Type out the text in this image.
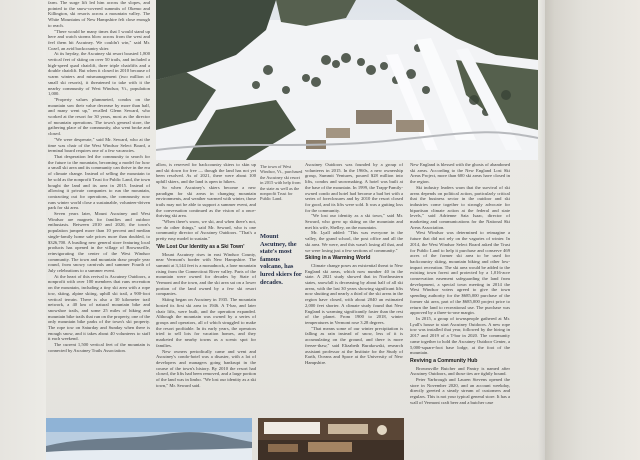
farm. The surge lift led him across the slopes, and pointed to the snow-covered summits of Okemo and Killington, ski resorts across a mountain valley. The White Mountains of New Hampshire felt close enough to reach.

"There would be many times that I would stand up here and watch storms blow across from the west and feel them hit Ascutney. We couldn't win," said Mr. Cozel, an avid backcountry skier.

At its heyday, the Ascutney ski resort boasted 1,800 vertical feet of skiing on over 50 trails, and included a high-speed quad chairlift, three triple chairlifts and a double chairlift. But when it closed in 2010 because of warm winters and mismanagement (two million of small ski resorts), it threatened to take with it the nearby community of West Windsor, Vt., population 1,000.

"Property values plummeted, condos on the mountain saw their value decrease by more than half, and many went up," recalled Glenn Seward, who worked at the resort for 30 years, most as the director of mountain operations. The town's general store, the gathering place of the community, also went broke and closed.

"We were desperate," said Mr. Seward, who at the time was chair of the West Windsor Select Board, a terminal board requires one of a few vacancies.

That desperation led the community to search for the future to the mountain, becoming a model for how a small ski area and its community can thrive in the era of climate change. Instead of selling the mountain to be sold as the nonprofit Trust for Public Land, the town bought the land and its area in 2015. Instead of allowing it private companies to run the mountain, contracting out for operations, the community now runs winter world close a sustainable, volunteer-driven park for ski area.

Seven years later, Mount Ascutney and West Windsor are magnets for families and outdoor enthusiasts. Between 2010 and 2020, the town's population jumped more than 10 percent and median single-family home sale prices more than doubled, to $326,700. A bustling new general store featuring local products has opened in the village of Brownsville, reinvigorating the center of the West Windsor community. The town and mountain draw people year round, from snowy carnivals and summer Fourth of July celebrations to a summer event.

At the heart of this revival is Ascutney Outdoors, a nonprofit with over 100 members that runs recreation on the mountain, including a tiny ski area with a rope tow, skiing, alpine skiing, uphill ski trail, a 900-foot vertical terrain. There is also a 30 kilometer trail network, a 40 km of natural mountain bike and snowshoe trails, and some 25 miles of hiking and mountain bike trails that run on the property, one of the only mountain bike parks of the town's ski property. The rope tow on Saturday and Sunday when there is enough snow, and it takes about 40 volunteers to staff it each weekend.

The current 1,500 vertical feet of the mountain is connected by Ascutney Trails Association.

allow, is reserved for backcountry skiers to skin up and ski down for free — though the land has not yet been resolved. As of 2021, there were about 100 uphill skiers, and the land is open to hikers.

So when Ascutney's skiers become a new paradigm for ski areas in changing mountain environments, and weather warmed with winter, those trails may not be able to support a summer event, and the conversation continued as the vision of a once-thriving ski area.

"When there's snow, we ski, and when there's not, we do other things," said Mr. Seward, who is one community director of Ascutney Outdoors. "That's a pretty easy model to sustain."

'We Lost Our Identity as a Ski Town'

Mount Ascutney rises in east Windsor County, near Vermont's border with New Hampshire. The summit at 3,144 feet is a monadnock, a lone mountain rising from the Connecticut River valley. Parts of the mountain were owned for decades by State of Vermont and the town, and the ski area sat on a lower portion of the land owned by a few ski resort companies.

Skiing began on Ascutney in 1935. The mountain hosted its first ski area in 1946. A T-bar, and later chair lifts, were built, and the operation expanded. Although the mountain was owned by a series of groups and operators, all of which struggled to make the resort profitable. In its early years, the operators tried to sell lots for vacation homes, and they marketed the nearby towns as a scenic spot for families.

New owners periodically came and went and Ascutney's condo-hotel was a disaster, with a lot of developers and managers going bankrupt in the course of the town's history. By 2010 the resort had closed, the lifts had been removed, and a large portion of the land was in limbo. "We lost our identity as a ski town," Mr. Seward said.

The town of West Windsor, Vt., purchased the Ascutney ski resort in 2015 with help from the state as well as the nonprofit Trust for Public Land.
Mount Ascutney, the state's most famous volcano, has lured skiers for decades.

Ascutney Outdoors was founded by a group of volunteers in 2015. In the 1960s, a new ownership group, Summit Ventures, poured $28 million into lifts, condos and snowmaking. A hotel was built at the base of the mountain. In 1999, the Trapp-Family-owned condo and hotel had become a bad bet with a series of foreclosures and by 2010 the resort closed for good, and its lifts were sold. It was a gutting loss for the community.

"We lost our identity as a ski town," said Mr. Seward, who grew up skiing on the mountain and met his wife, Shelley, on the mountain.

Mr. Lyall added: "This was everyone in the valley, the grand school, the post office and all the ski area. We were, and this wasn't losing all that, and we were losing just a few sections of community."

Skiing in a Warming World

Climate change poses an existential threat to New England ski areas, which now number 40 in the state. A 2021 study showed that in Northeastern states, snowfall is decreasing by about half of all ski areas, with the last 30 years showing significant lifts now shutting and nearly a third of the ski areas in the region have closed, with about 2040 an estimated 2,000 feet shorter. A climate study found that New England is warming significantly faster than the rest of the planet. From 1900 to 2018, winter temperatures in Vermont rose 3.28 degrees.

"That means some of our winter precipitation is falling as rain instead of snow, less of it is accumulating on the ground, and there is more freeze-thaw," said Elizabeth Burakowski, research assistant professor at the Institute for the Study of Earth, Oceans and Space at the University of New Hampshire.

New England is blessed with the ghosts of abandoned ski areas. According to the New England Lost Ski Areas Project, more than 600 ski areas have closed in the region.

Ski industry leaders warn that the survival of ski areas depends on political action, particularly critical that the business sector in the outdoor and ski industries come together to strongly advocate for bipartisan climate action at the federal and state levels," said Adrienne Saia Isaac, director of marketing and communications for the National Ski Areas Association.

West Windsor was determined to reimagine a future that did not rely on the vagaries of winter. In 2014, the West Windsor Select Board asked the Trust for Public Land to help it purchase and conserve 469 acres of the former ski area to be used for backcountry skiing, mountain biking and other low-impact recreation. The ski area would be added to the existing town forest and protected by a 1,016-acre conservation easement safeguarding the land from development, a special town meeting in 2014 the West Windsor voters agreed to give the town spending authority for the $685,000 purchase of the former ski area, part of the $685,000 project price to return the land to recreational use. The purchase was approved by a three-to-one margin.

In 2015, a group of townspeople gathered at Mr. Lyall's house to start Ascutney Outdoors. A new rope tow was installed that year, followed by the hiring in 2017 and 2019 of a T-bar in 2020. The community came together to hold the Ascutney Outdoor Center, a 5,000-square-foot base lodge, at the foot of the mountain.

Reviving a Community Hub

Brownsville Butcher and Pantry is named after Ascutney Outdoors, and those ties are tightly bound.

Peter Yarbrough and Lauren Stevens opened the store in November 2020, and an account weekday, directly greeted a steady stream of customers and regulars. This is not your typical general store. It has a wall of Vermont craft beer and a butcher case
